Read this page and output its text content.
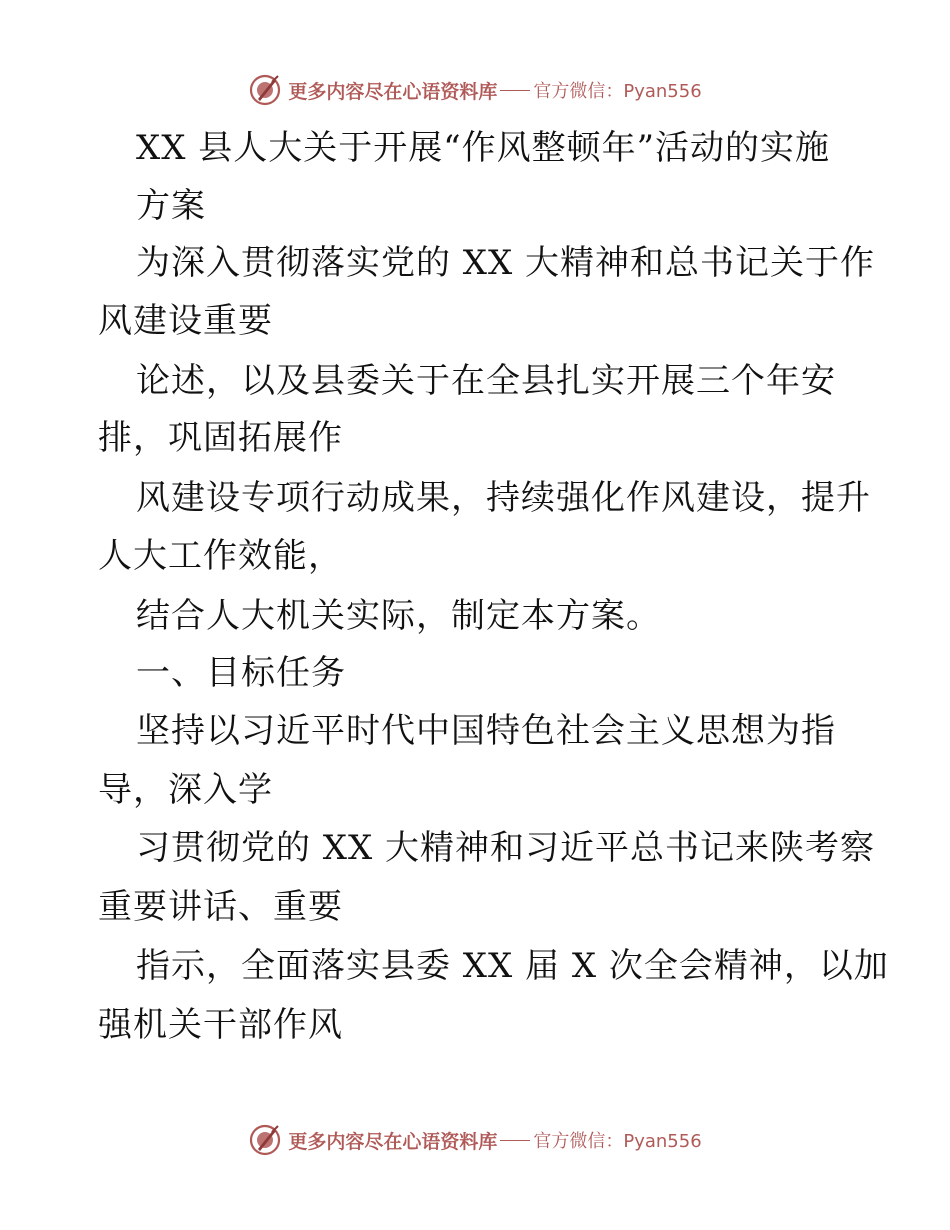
更多内容尽在心语资料库 官方微信：Pyan556
XX 县人大关于开展“作风整顿年”活动的实施
方案
为深入贯彻落实党的 XX 大精神和总书记关于作
风建设重要
论述，以及县委关于在全县扎实开展三个年安
排，巩固拓展作
风建设专项行动成果，持续强化作风建设，提升
人大工作效能，
结合人大机关实际，制定本方案。
一、目标任务
坚持以习近平时代中国特色社会主义思想为指
导，深入学
习贯彻党的 XX 大精神和习近平总书记来陕考察
重要讲话、重要
指示，全面落实县委 XX 届 X 次全会精神，以加
强机关干部作风
更多内容尽在心语资料库 官方微信：Pyan556
